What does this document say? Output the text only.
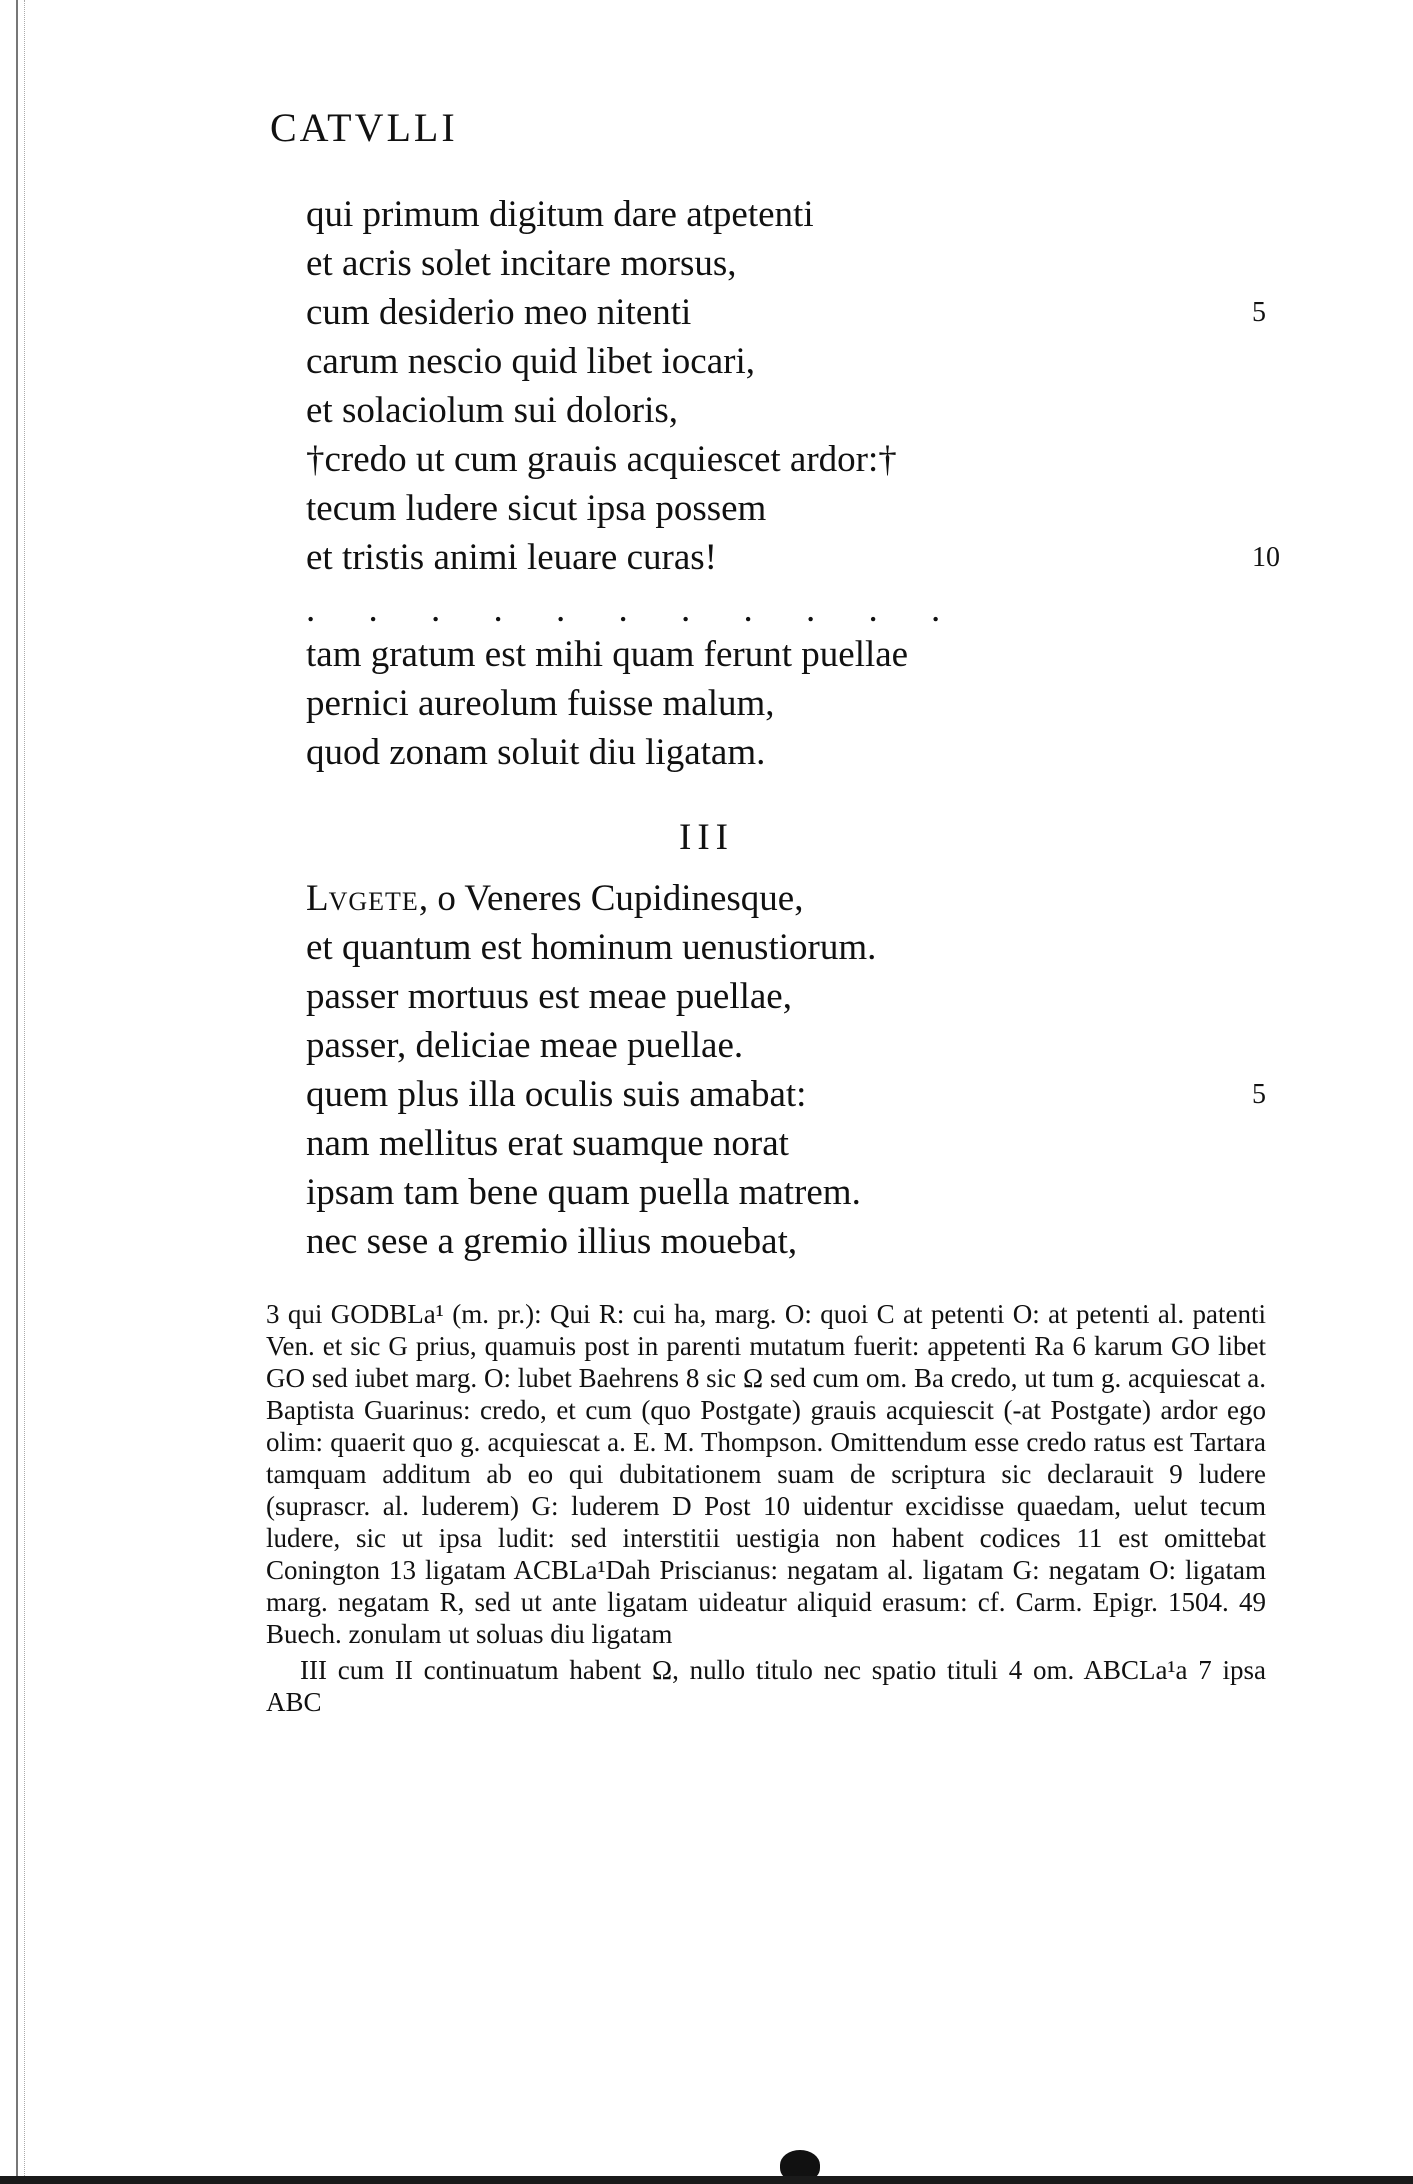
CATVLLI
qui primum digitum dare atpetenti
et acris solet incitare morsus,
cum desiderio meo nitenti	5
carum nescio quid libet iocari,
et solaciolum sui doloris,
†credo ut cum grauis acquiescet ardor:†
tecum ludere sicut ipsa possem
et tristis animi leuare curas!	10
. . . . . . . . . . .
tam gratum est mihi quam ferunt puellae
pernici aureolum fuisse malum,
quod zonam soluit diu ligatam.
III
LVGETE, o Veneres Cupidinesque,
et quantum est hominum uenustiorum.
passer mortuus est meae puellae,
passer, deliciae meae puellae.
quem plus illa oculis suis amabat:	5
nam mellitus erat suamque norat
ipsam tam bene quam puella matrem.
nec sese a gremio illius mouebat,

3 qui GODBLa¹ (m. pr.): Qui R: cui ha, marg. O: quoi C at petenti O: at petenti al. patenti Ven. et sic G prius, quamuis post in parenti mutatum fuerit: appetenti Ra 6 karum GO libet GO sed iubet marg. O: lubet Baehrens 8 sic Ω sed cum om. Ba credo, ut tum g. acquiescat a. Baptista Guarinus: credo, et cum (quo Postgate) grauis acquiescit (-at Postgate) ardor ego olim: quaerit quo g. acquiescat a. E. M. Thompson. Omittendum esse credo ratus est Tartara tamquam additum ab eo qui dubitationem suam de scriptura sic declarauit 9 ludere (suprascr. al. luderem) G: luderem D Post 10 uidentur excidisse quaedam, uelut tecum ludere, sic ut ipsa ludit: sed interstitii uestigia non habent codices 11 est omittebat Conington 13 ligatam ACBLa¹Dah Priscianus: negatam al. ligatam G: negatam O: ligatam marg. negatam R, sed ut ante ligatam uideatur aliquid erasum: cf. Carm. Epigr. 1504. 49 Buech. zonulam ut soluas diu ligatam

III cum II continuatum habent Ω, nullo titulo nec spatio tituli 4 om. ABCLa¹a 7 ipsa ABC
